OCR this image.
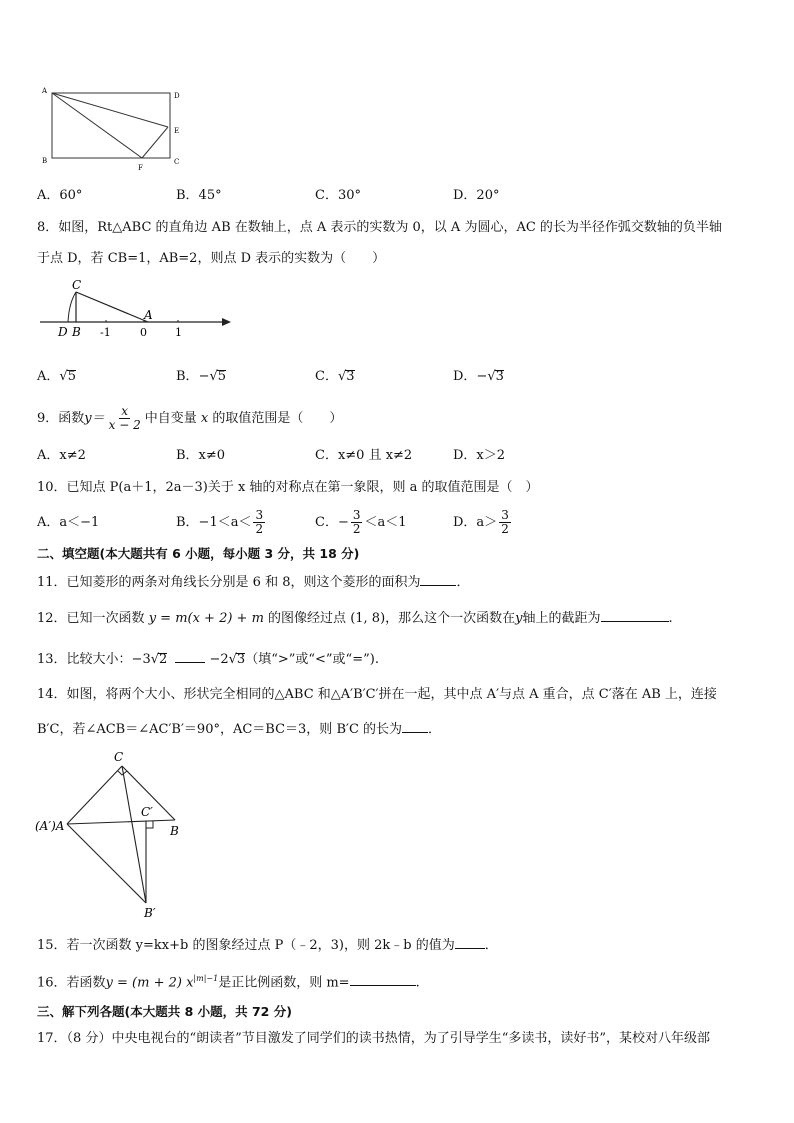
A
D
E
B	C
F
A．60°	B．45°	C．30°	D．20°
8．如图，Rt△ABC 的直角边 AB 在数轴上，点 A 表示的实数为 0，以 A 为圆心，AC 的长为半径作弧交数轴的负半轴
于点 D，若 CB=1，AB=2，则点 D 表示的实数为（　　）
C
A
D B -1	0	1
A．√5	B．−√5	C．√3	D．−√3
9．函数$y= \frac{x}{x - 2}$ 中自变量 x 的取值范围是（　　）
A．x≠2	B．x≠0	C．x≠0 且 x≠2	D．x＞2
10．已知点 P(a＋1，2a－3)关于 x 轴的对称点在第一象限，则 a 的取值范围是（　）
A．a＜−1	B．$-1<a< \frac{3}{2}$	C．− $\frac{3}{2} <a<1$	D．$a> \frac{3}{2}$
二、填空题(本大题共有 6 小题，每小题 3 分，共 18 分)
11．已知菱形的两条对角线长分别是 6 和 8，则这个菱形的面积为	．
12．已知一次函数 y = m(x + 2) + m 的图像经过点 (1, 8)，那么这个一次函数在y轴上的截距为	.
13．比较大小：−3√2	−2√3（填“>”或“<”或“=”).
14．如图，将两个大小、形状完全相同的△ABC 和△A′B′C′拼在一起，其中点 A′与点 A 重合，点 C′落在 AB 上，连接
B′C，若∠ACB＝∠AC′B′＝90°，AC＝BC＝3，则 B′C 的长为 ．
C
C′
(A′)A	B
B′
15．若一次函数 y=kx+b 的图象经过点 P（﹣2，3)，则 2k﹣b 的值为 ．
16．若函数y = (m + 2) $x^{|m|-1}$是正比例函数，则 m=	.
三、解下列各题(本大题共 8 小题，共 72 分)
17．（8 分）中央电视台的“朗读者”节目激发了同学们的读书热情，为了引导学生“多读书，读好书”，某校对八年级部
